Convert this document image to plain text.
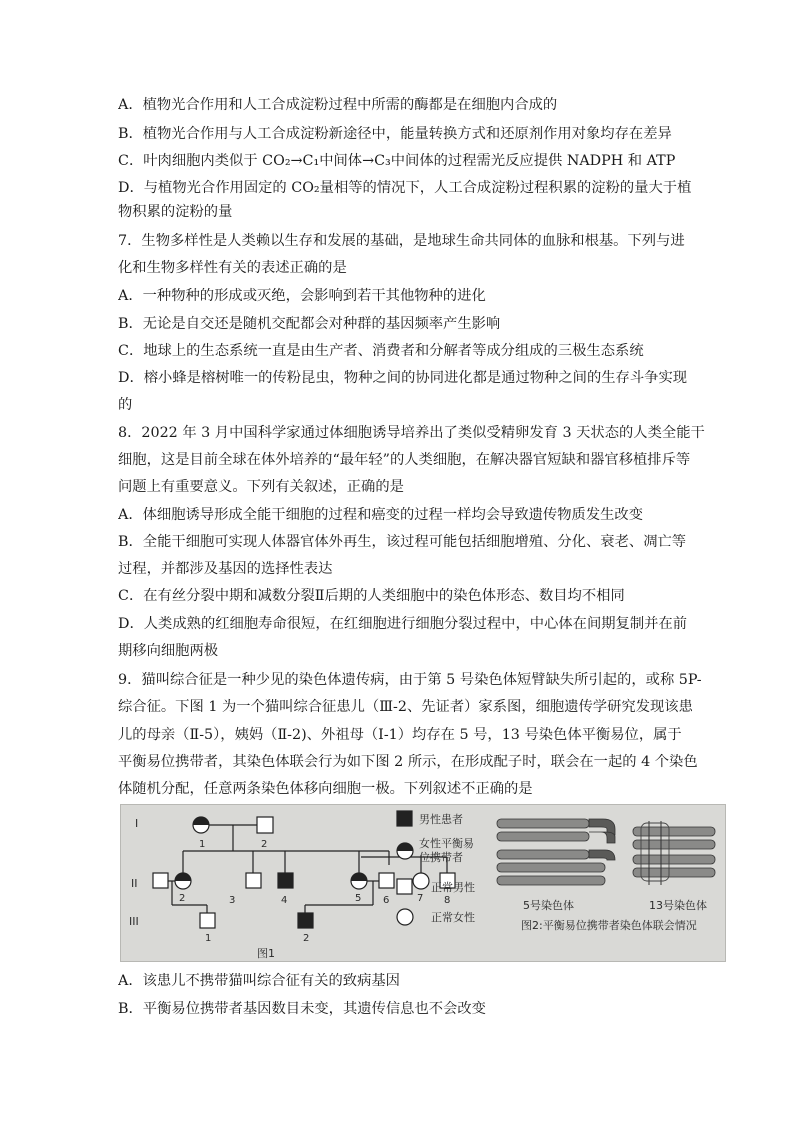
A．植物光合作用和人工合成淀粉过程中所需的酶都是在细胞内合成的
B．植物光合作用与人工合成淀粉新途径中，能量转换方式和还原剂作用对象均存在差异
C．叶肉细胞内类似于 CO₂→C₁中间体→C₃中间体的过程需光反应提供 NADPH 和 ATP
D．与植物光合作用固定的 CO₂量相等的情况下，人工合成淀粉过程积累的淀粉的量大于植
物积累的淀粉的量
7．生物多样性是人类赖以生存和发展的基础，是地球生命共同体的血脉和根基。下列与进
化和生物多样性有关的表述正确的是
A．一种物种的形成或灭绝，会影响到若干其他物种的进化
B．无论是自交还是随机交配都会对种群的基因频率产生影响
C．地球上的生态系统一直是由生产者、消费者和分解者等成分组成的三极生态系统
D．榕小蜂是榕树唯一的传粉昆虫，物种之间的协同进化都是通过物种之间的生存斗争实现
的
8．2022 年 3 月中国科学家通过体细胞诱导培养出了类似受精卵发育 3 天状态的人类全能干
细胞，这是目前全球在体外培养的“最年轻”的人类细胞，在解决器官短缺和器官移植排斥等
问题上有重要意义。下列有关叙述，正确的是
A．体细胞诱导形成全能干细胞的过程和癌变的过程一样均会导致遗传物质发生改变
B．全能干细胞可实现人体器官体外再生，该过程可能包括细胞增殖、分化、衰老、凋亡等
过程，并都涉及基因的选择性表达
C．在有丝分裂中期和减数分裂Ⅱ后期的人类细胞中的染色体形态、数目均不相同
D．人类成熟的红细胞寿命很短，在红细胞进行细胞分裂过程中，中心体在间期复制并在前
期移向细胞两极
9．猫叫综合征是一种少见的染色体遗传病，由于第 5 号染色体短臂缺失所引起的，或称 5P-
综合征。下图 1 为一个猫叫综合征患儿（Ⅲ-2、先证者）家系图，细胞遗传学研究发现该患
儿的母亲（Ⅱ-5），姨妈（Ⅱ-2)、外祖母（I-1）均存在 5 号，13 号染色体平衡易位，属于
平衡易位携带者，其染色体联会行为如下图 2 所示，在形成配子时，联会在一起的 4 个染色
体随机分配，任意两条染色体移向细胞一极。下列叙述不正确的是
I
II
III
1	2
2	3	4	5 6	7 8
1	2
图1
男性患者
女性平衡易
位携带者
正常男性
正常女性
5号染色体	13号染色体
图2:平衡易位携带者染色体联会情况
A．该患儿不携带猫叫综合征有关的致病基因
B．平衡易位携带者基因数目未变，其遗传信息也不会改变
